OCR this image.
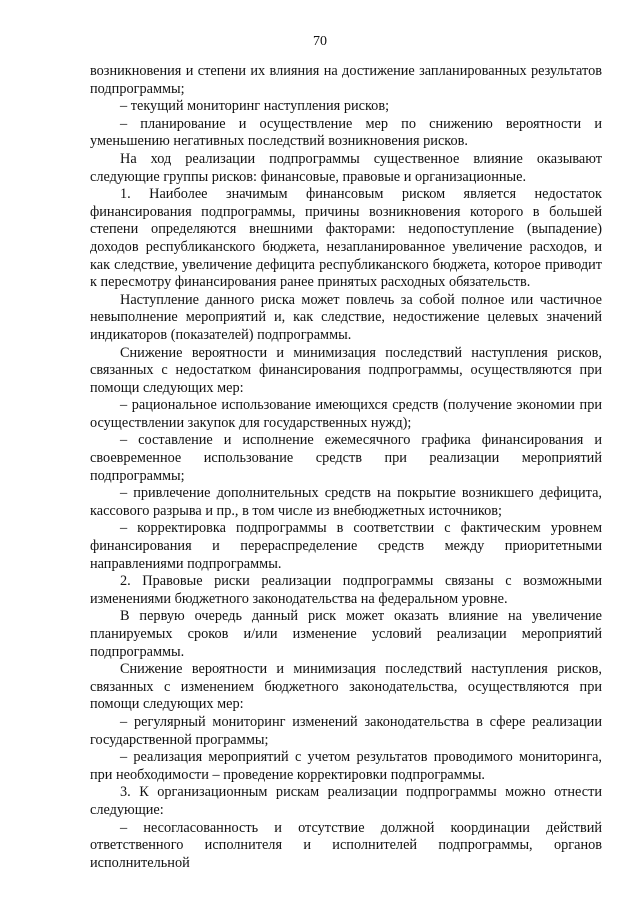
70

возникновения и степени их влияния на достижение запланированных результатов подпрограммы;

– текущий мониторинг наступления рисков;

– планирование и осуществление мер по снижению вероятности и уменьшению негативных последствий возникновения рисков.

На ход реализации подпрограммы существенное влияние оказывают следующие группы рисков: финансовые, правовые и организационные.

1. Наиболее значимым финансовым риском является недостаток финансирования подпрограммы, причины возникновения которого в большей степени определяются внешними факторами: недопоступление (выпадение) доходов республиканского бюджета, незапланированное увеличение расходов, и как следствие, увеличение дефицита республиканского бюджета, которое приводит к пересмотру финансирования ранее принятых расходных обязательств.

Наступление данного риска может повлечь за собой полное или частичное невыполнение мероприятий и, как следствие, недостижение целевых значений индикаторов (показателей) подпрограммы.

Снижение вероятности и минимизация последствий наступления рисков, связанных с недостатком финансирования подпрограммы, осуществляются при помощи следующих мер:

– рациональное использование имеющихся средств (получение экономии при осуществлении закупок для государственных нужд);

– составление и исполнение ежемесячного графика финансирования и своевременное использование средств при реализации мероприятий подпрограммы;

– привлечение дополнительных средств на покрытие возникшего дефицита, кассового разрыва и пр., в том числе из внебюджетных источников;

– корректировка подпрограммы в соответствии с фактическим уровнем финансирования и перераспределение средств между приоритетными направлениями подпрограммы.

2. Правовые риски реализации подпрограммы связаны с возможными изменениями бюджетного законодательства на федеральном уровне.

В первую очередь данный риск может оказать влияние на увеличение планируемых сроков и/или изменение условий реализации мероприятий подпрограммы.

Снижение вероятности и минимизация последствий наступления рисков, связанных с изменением бюджетного законодательства, осуществляются при помощи следующих мер:

– регулярный мониторинг изменений законодательства в сфере реализации государственной программы;

– реализация мероприятий с учетом результатов проводимого мониторинга, при необходимости – проведение корректировки подпрограммы.

3. К организационным рискам реализации подпрограммы можно отнести следующие:

– несогласованность и отсутствие должной координации действий ответственного исполнителя и исполнителей подпрограммы, органов исполнительной
